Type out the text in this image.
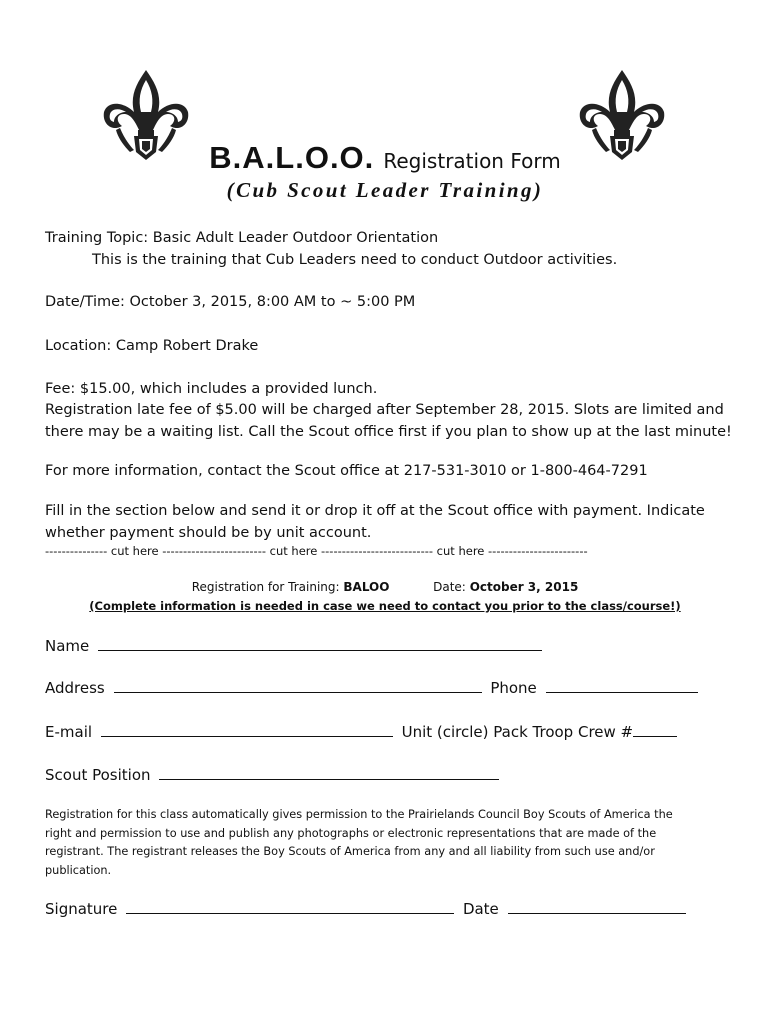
B.A.L.O.O. Registration Form
(Cub Scout Leader Training)
Training Topic: Basic Adult Leader Outdoor Orientation
This is the training that Cub Leaders need to conduct Outdoor activities.
Date/Time: October 3, 2015, 8:00 AM to ~ 5:00 PM
Location: Camp Robert Drake
Fee: $15.00, which includes a provided lunch.
Registration late fee of $5.00 will be charged after September 28, 2015. Slots are limited and
there may be a waiting list. Call the Scout office first if you plan to show up at the last minute!
For more information, contact the Scout office at 217-531-3010 or 1-800-464-7291
Fill in the section below and send it or drop it off at the Scout office with payment. Indicate
whether payment should be by unit account.
--------------- cut here ------------------------- cut here --------------------------- cut here ------------------------
Registration for Training: BALOO	Date: October 3, 2015
(Complete information is needed in case we need to contact you prior to the class/course!)
Name
Address	Phone
E-mail	Unit (circle) Pack Troop Crew #
Scout Position
Registration for this class automatically gives permission to the Prairielands Council Boy Scouts of America the
right and permission to use and publish any photographs or electronic representations that are made of the
registrant. The registrant releases the Boy Scouts of America from any and all liability from such use and/or
publication.
Signature	Date
